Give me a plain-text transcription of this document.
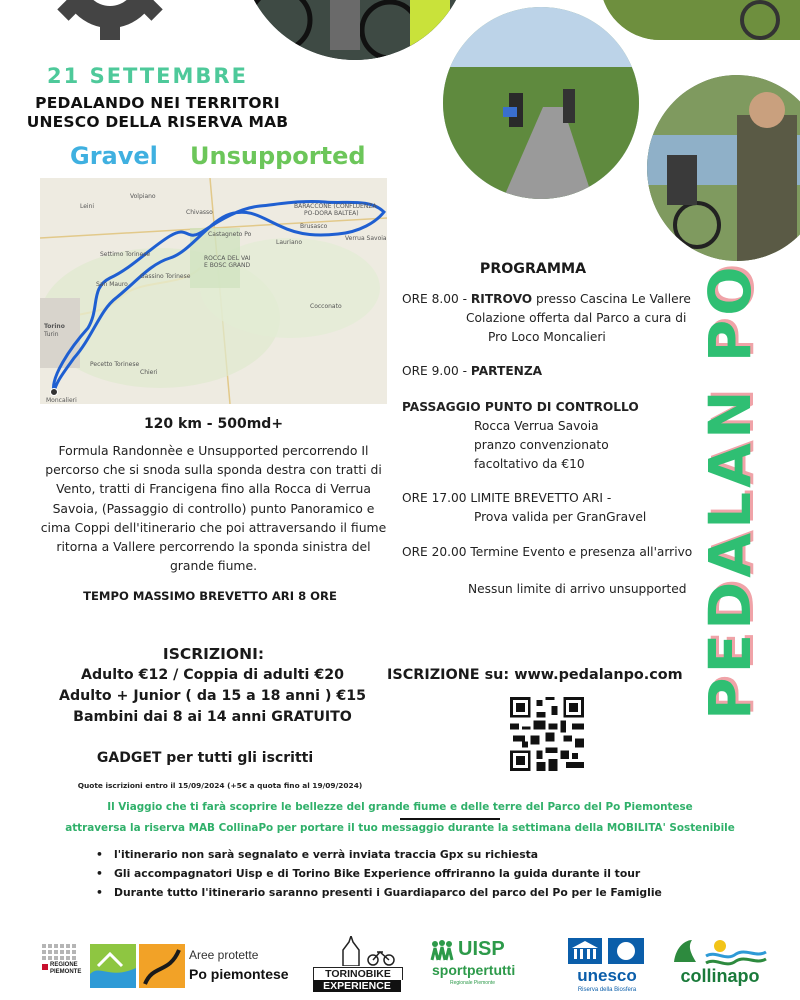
21 SETTEMBRE
PEDALANDO NEI TERRITORI
UNESCO DELLA RISERVA MAB
Gravel Unsupported
Torino
Turin
Moncalieri
San Mauro
Settimo Torinese
Chivasso
ROCCA DEL VAI
E BOSC GRAND
BARACCONE (CONFLUENZA
PO-DORA BALTEA)
Verrua Savoia
Lauriano
Castagneto Po
Brusasco
Leini
Volpiano
Gassino Torinese
Pecetto Torinese
Chieri
Cocconato
120 km - 500md+
Formula Randonnèe e Unsupported percorrendo Il percorso che si snoda sulla sponda destra con tratti di Vento, tratti di Francigena fino alla Rocca di Verrua Savoia, (Passaggio di controllo) punto Panoramico e cima Coppi dell'itinerario che poi attraversando il fiume ritorna a Vallere percorrendo la sponda sinistra del grande fiume.
TEMPO MASSIMO BREVETTO ARI 8 ORE
ISCRIZIONI:
Adulto €12 / Coppia di adulti €20
Adulto + Junior ( da 15 a 18 anni ) €15
Bambini dai 8 ai 14 anni GRATUITO
GADGET per tutti gli iscritti
Quote iscrizioni entro il 15/09/2024 (+5€ a quota fino al 19/09/2024)
PROGRAMMA
ORE 8.00 - RITROVO presso Cascina Le Vallere
Colazione offerta dal Parco a cura di
Pro Loco Moncalieri
ORE 9.00 - PARTENZA
PASSAGGIO PUNTO DI CONTROLLO
Rocca Verrua Savoia
pranzo convenzionato
facoltativo da €10
ORE 17.00 LIMITE BREVETTO ARI -
Prova valida per GranGravel
ORE 20.00 Termine Evento e presenza all'arrivo
Nessun limite di arrivo unsupported
ISCRIZIONE su: www.pedalanpo.com PEDALAN PO
Il Viaggio che ti farà scoprire le bellezze del grande fiume e delle terre del Parco del Po Piemontese
attraversa la riserva MAB CollinaPo per portare il tuo messaggio durante la settimana della MOBILITA' Sostenibile
• l'itinerario non sarà segnalato e verrà inviata traccia Gpx su richiesta
• Gli accompagnatori Uisp e di Torino Bike Experience offriranno la guida durante il tour
• Durante tutto l'itinerario saranno presenti i Guardiaparco del parco del Po per le Famiglie
REGIONE
PIEMONTE
Aree protette
Po piemontese	TORINOBIKE
EXPERIENCE
UISP
sportpertutti
Regionale Piemonte	unesco
Riserva della Biosfera
collinapo
